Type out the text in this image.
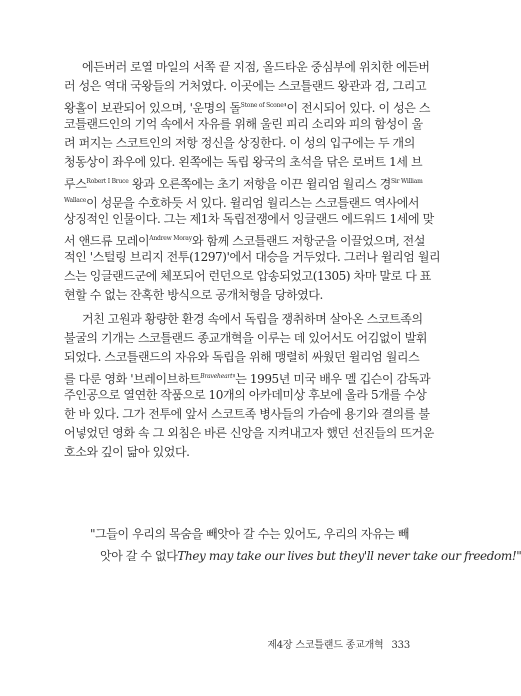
에든버러 로열 마일의 서쪽 끝 지점, 올드타운 중심부에 위치한 에든버
러 성은 역대 국왕들의 거처였다. 이곳에는 스코틀랜드 왕관과 검, 그리고
왕홀이 보관되어 있으며, '운명의 돌$^{Stone of Scone}$'이 전시되어 있다. 이 성은 스
코틀랜드인의 기억 속에서 자유를 위해 울린 피리 소리와 피의 함성이 울
려 퍼지는 스코트인의 저항 정신을 상징한다. 이 성의 입구에는 두 개의
청동상이 좌우에 있다. 왼쪽에는 독립 왕국의 초석을 닦은 로버트 1세 브
루스$^{Robert I Bruce}$ 왕과 오른쪽에는 초기 저항을 이끈 윌리엄 월리스 경$^{Sir William}$
$^{Wallace}$이 성문을 수호하듯 서 있다. 윌리엄 월리스는 스코틀랜드 역사에서
상징적인 인물이다. 그는 제1차 독립전쟁에서 잉글랜드 에드워드 1세에 맞
서 앤드류 모레이$^{Andrew Moray}$와 함께 스코틀랜드 저항군을 이끌었으며, 전설
적인 '스털링 브리지 전투(1297)'에서 대승을 거두었다. 그러나 윌리엄 월리
스는 잉글랜드군에 체포되어 런던으로 압송되었고(1305) 차마 말로 다 표
현할 수 없는 잔혹한 방식으로 공개처형을 당하였다.
거친 고원과 황량한 환경 속에서 독립을 쟁취하며 살아온 스코트족의
불굴의 기개는 스코틀랜드 종교개혁을 이루는 데 있어서도 어김없이 발휘
되었다. 스코틀랜드의 자유와 독립을 위해 맹렬히 싸웠던 윌리엄 월리스
를 다룬 영화 '브레이브하트$^{Braveheart}$'는 1995년 미국 배우 멜 깁슨이 감독과
주인공으로 열연한 작품으로 10개의 아카데미상 후보에 올라 5개를 수상
한 바 있다. 그가 전투에 앞서 스코트족 병사들의 가슴에 용기와 결의를 불
어넣었던 영화 속 그 외침은 바른 신앙을 지켜내고자 했던 선진들의 뜨거운
호소와 깊이 닮아 있었다.
"그들이 우리의 목숨을 빼앗아 갈 수는 있어도, 우리의 자유는 빼
앗아 갈 수 없다They may take our lives but they'll never take our freedom!"
제4장 스코틀랜드 종교개혁 333
